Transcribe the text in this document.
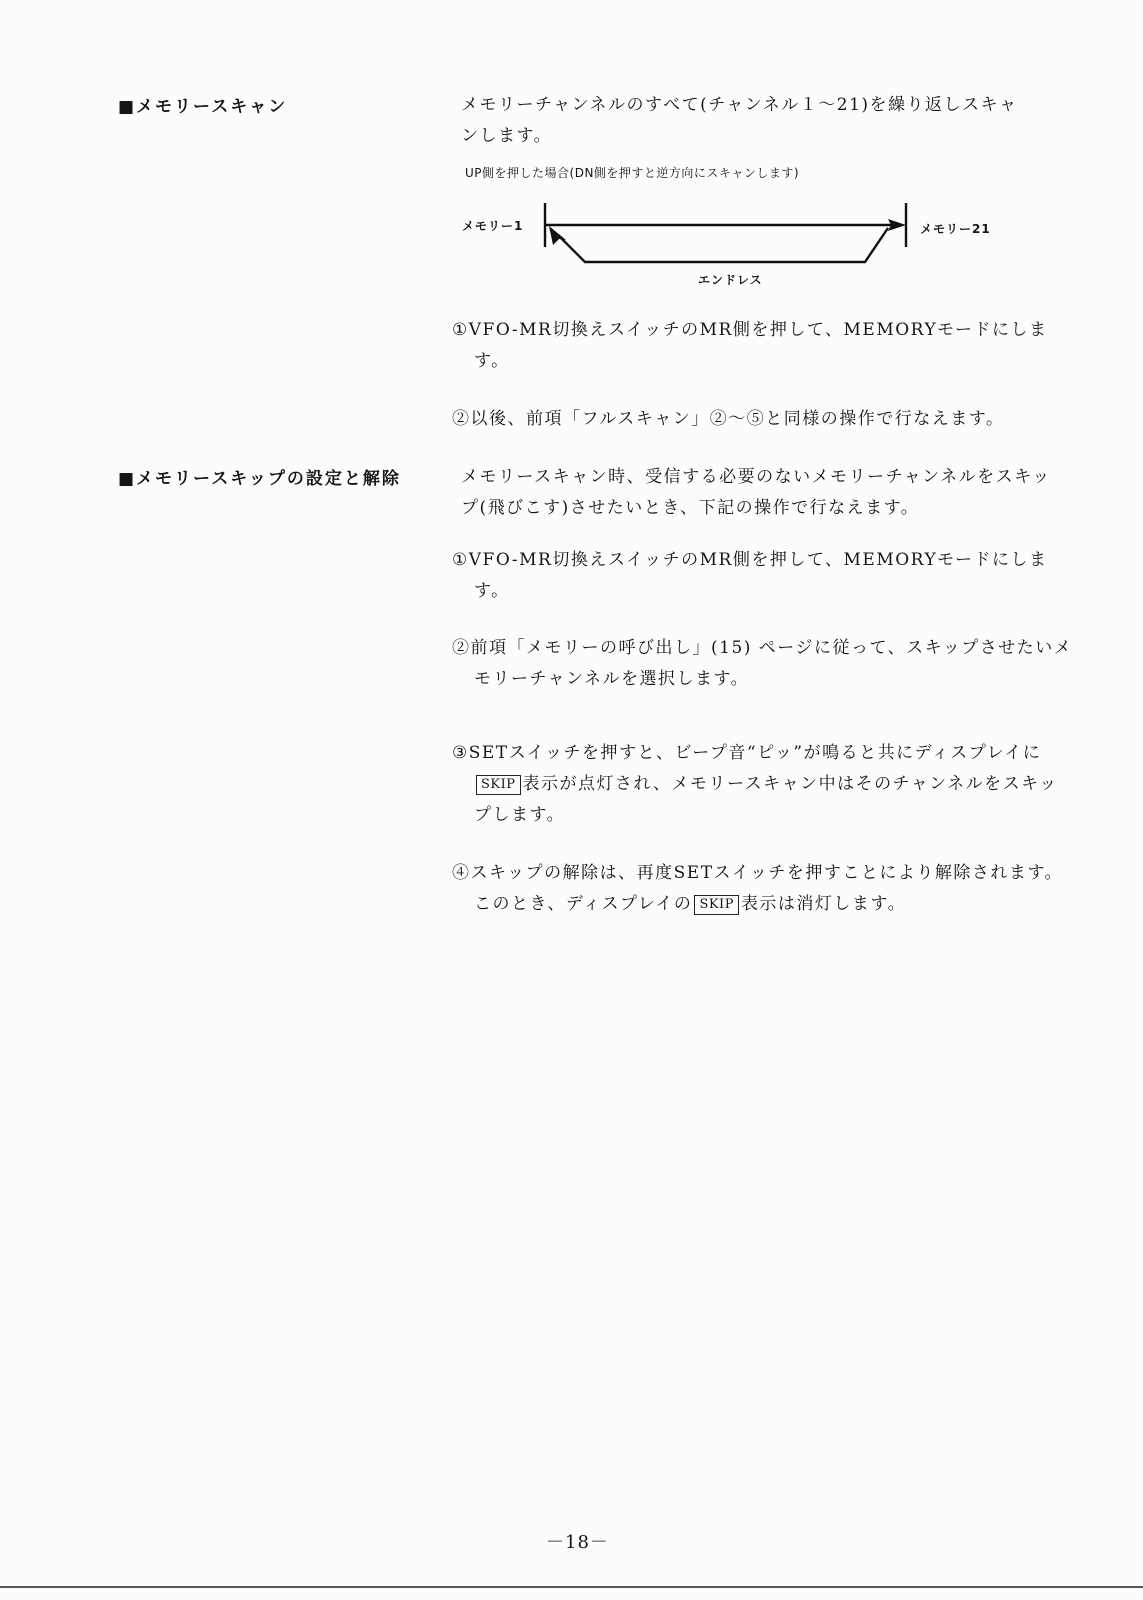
■メモリースキャン	メモリーチャンネルのすべて(チャンネル１～21)を繰り返しスキャ
ンします。
UP側を押した場合(DN側を押すと逆方向にスキャンします)
メモリー1	メモリー21
エンドレス
①VFO-MR切換えスイッチのMR側を押して、MEMORYモードにします。
②以後、前項「フルスキャン」②～⑤と同様の操作で行なえます。
■メモリースキップの設定と解除	メモリースキャン時、受信する必要のないメモリーチャンネルをスキップ(飛びこす)させたいとき、下記の操作で行なえます。
①VFO-MR切換えスイッチのMR側を押して、MEMORYモードにします。
②前項「メモリーの呼び出し」(15) ページに従って、スキップさせたいメモリーチャンネルを選択します。
③SETスイッチを押すと、ビープ音“ピッ”が鳴ると共にディスプレイにSKIP 表示が点灯され、メモリースキャン中はそのチャンネルをスキップします。
④スキップの解除は、再度SETスイッチを押すことにより解除されます。このとき、ディスプレイの SKIP 表示は消灯します。
－18－
